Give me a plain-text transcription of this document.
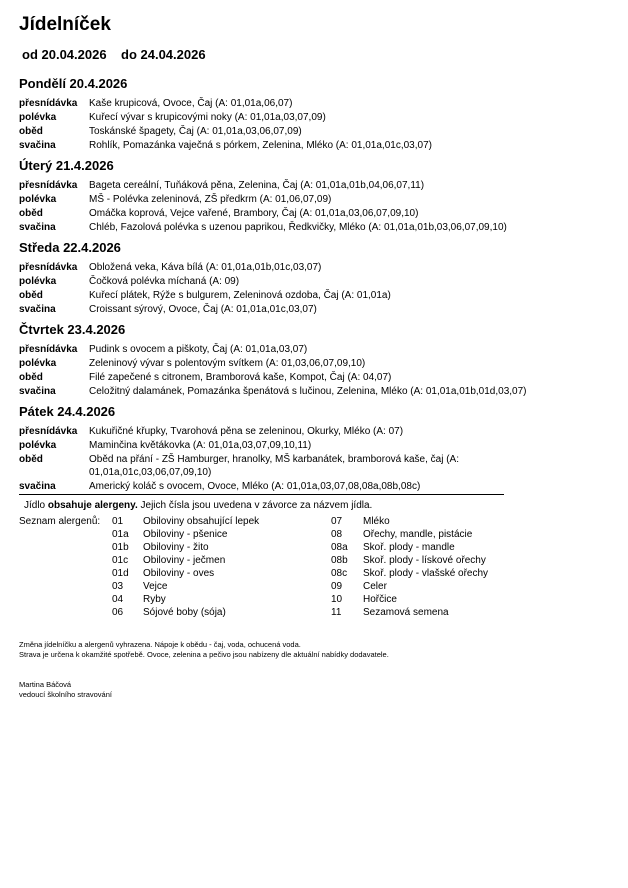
Jídelníček
od 20.04.2026 do 24.04.2026
Pondělí 20.4.2026
přesnídávka Kaše krupicová, Ovoce, Čaj (A: 01,01a,06,07)
polévka	Kuřecí vývar s krupicovými noky (A: 01,01a,03,07,09)
oběd	Toskánské špagety, Čaj (A: 01,01a,03,06,07,09)
svačina	Rohlík, Pomazánka vaječná s pórkem, Zelenina, Mléko (A: 01,01a,01c,03,07)
Úterý 21.4.2026
přesnídávka Bageta cereální, Tuňáková pěna, Zelenina, Čaj (A: 01,01a,01b,04,06,07,11)
polévka	MŠ - Polévka zeleninová, ZŠ předkrm (A: 01,06,07,09)
oběd	Omáčka koprová, Vejce vařené, Brambory, Čaj (A: 01,01a,03,06,07,09,10)
svačina	Chléb, Fazolová polévka s uzenou paprikou, Ředkvičky, Mléko (A: 01,01a,01b,03,06,07,09,10)
Středa 22.4.2026
přesnídávka Obložená veka, Káva bílá (A: 01,01a,01b,01c,03,07)
polévka	Čočková polévka míchaná (A: 09)
oběd	Kuřecí plátek, Rýže s bulgurem, Zeleninová ozdoba, Čaj (A: 01,01a)
svačina	Croissant sýrový, Ovoce, Čaj (A: 01,01a,01c,03,07)
Čtvrtek 23.4.2026
přesnídávka Pudink s ovocem a piškoty, Čaj (A: 01,01a,03,07)
polévka	Zeleninový vývar s polentovým svítkem (A: 01,03,06,07,09,10)
oběd	Filé zapečené s citronem, Bramborová kaše, Kompot, Čaj (A: 04,07)
svačina	Celožitný dalamánek, Pomazánka špenátová s lučinou, Zelenina, Mléko (A: 01,01a,01b,01d,03,07)
Pátek 24.4.2026
přesnídávka Kukuřičné křupky, Tvarohová pěna se zeleninou, Okurky, Mléko (A: 07)
polévka	Maminčina květákovka (A: 01,01a,03,07,09,10,11)
oběd	Oběd na přání - ZŠ Hamburger, hranolky, MŠ karbanátek, bramborová kaše, čaj (A:
01,01a,01c,03,06,07,09,10)
svačina	Americký koláč s ovocem, Ovoce, Mléko (A: 01,01a,03,07,08,08a,08b,08c)
Jídlo obsahuje alergeny. Jejich čísla jsou uvedena v závorce za názvem jídla.
Seznam alergenů: 01 Obiloviny obsahující lepek
01a Obiloviny - pšenice
01b Obiloviny - žito
01c Obiloviny - ječmen
01d Obiloviny - oves
03 Vejce
04 Ryby
06 Sójové boby (sója)
07 Mléko
08 Ořechy, mandle, pistácie
08a Skoř. plody - mandle
08b Skoř. plody - lískové ořechy
08c Skoř. plody - vlašské ořechy
09 Celer
10 Hořčice
11 Sezamová semena
Změna jídelníčku a alergenů vyhrazena. Nápoje k obědu - čaj, voda, ochucená voda.
Strava je určena k okamžité spotřebě. Ovoce, zelenina a pečivo jsou nabízeny dle aktuální nabídky dodavatele.
Martina Báčová
vedoucí školního stravování
